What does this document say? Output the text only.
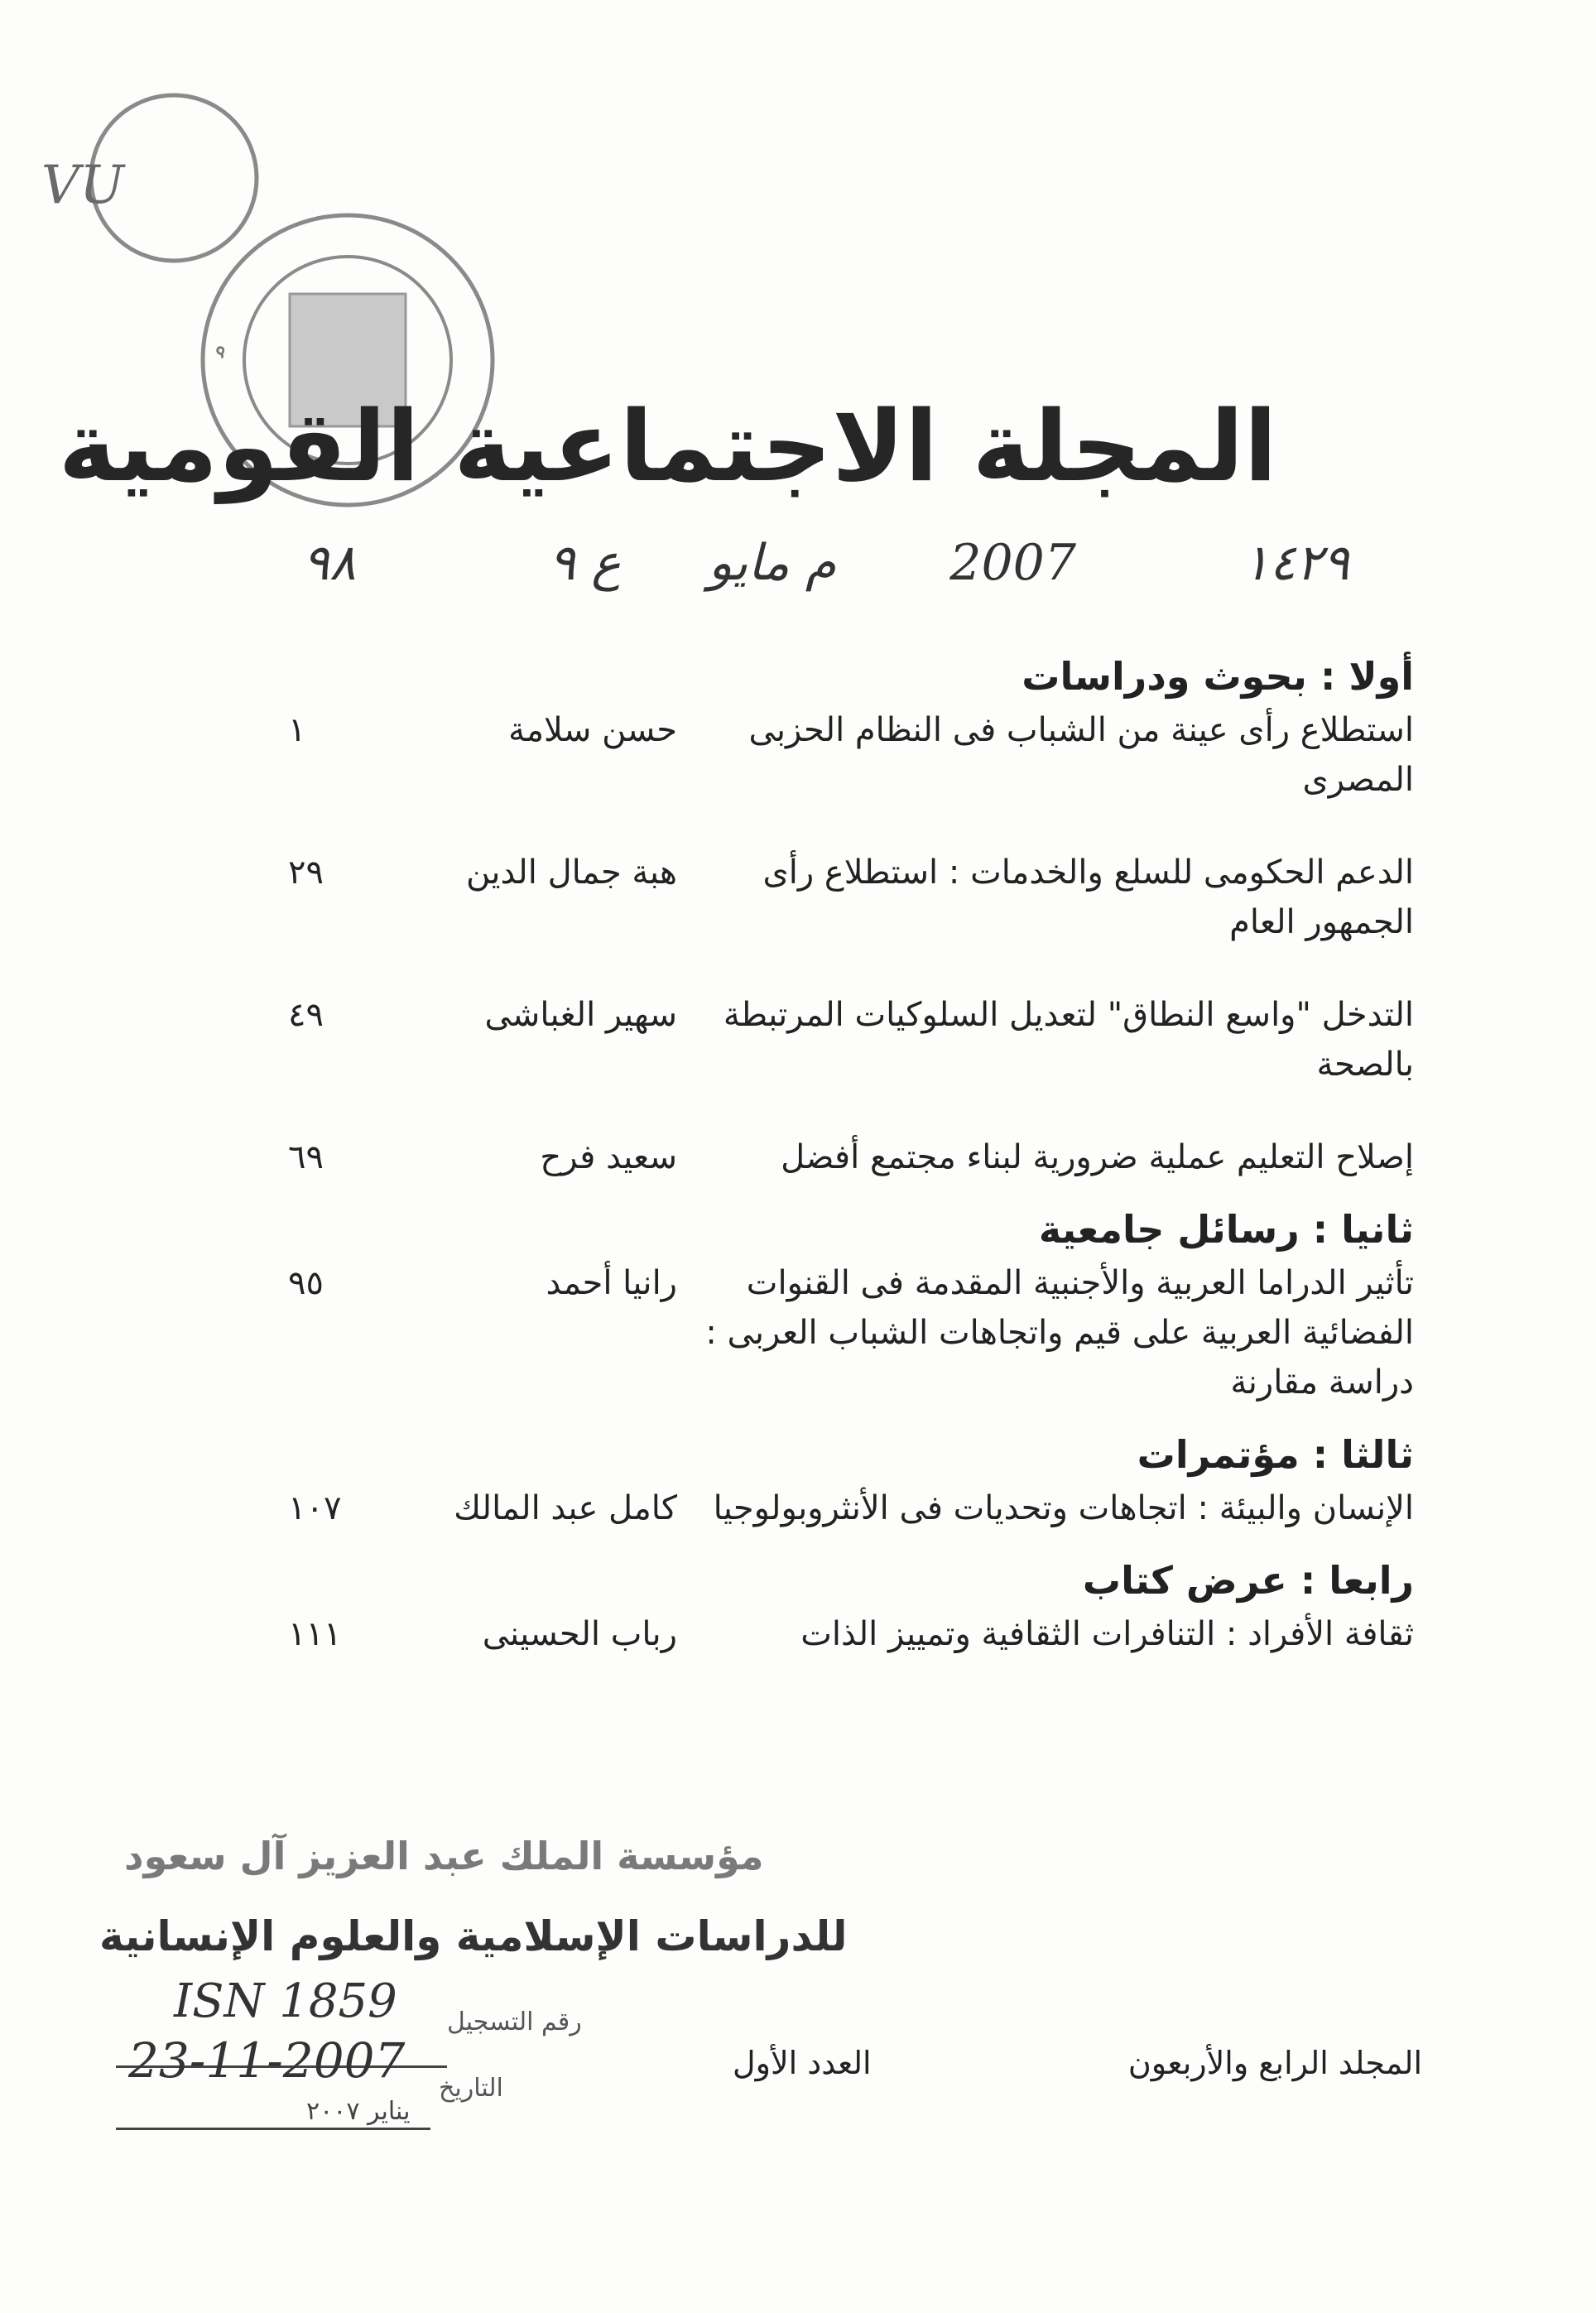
VU
م
المجلة الاجتماعية القومية
١٤٢٩
2007
م مايو
ع ٩
٩٨
أولا : بحوث ودراسات
استطلاع رأى عينة من الشباب فى النظام الحزبى المصرى
حسن سلامة
١
الدعم الحكومى للسلع والخدمات : استطلاع رأى الجمهور العام
هبة جمال الدين
٢٩
التدخل "واسع النطاق" لتعديل السلوكيات المرتبطة بالصحة
سهير الغباشى
٤٩
إصلاح التعليم عملية ضرورية لبناء مجتمع أفضل
سعيد فرح
٦٩
ثانيا : رسائل جامعية
تأثير الدراما العربية والأجنبية المقدمة فى القنوات الفضائية العربية على قيم واتجاهات الشباب العربى : دراسة مقارنة
رانيا أحمد
٩٥
ثالثا : مؤتمرات
الإنسان والبيئة : اتجاهات وتحديات فى الأنثروبولوجيا
كامل عبد المالك
١٠٧
رابعا : عرض كتاب
ثقافة الأفراد : التنافرات الثقافية وتمييز الذات
رباب الحسينى
١١١
مؤسسة الملك عبد العزيز آل سعود
للدراسات الإسلامية والعلوم الإنسانية
ISN 1859 رقم التسجيل
23-11-2007 التاريخ
يناير ٢٠٠٧
العدد الأول	المجلد الرابع والأربعون
